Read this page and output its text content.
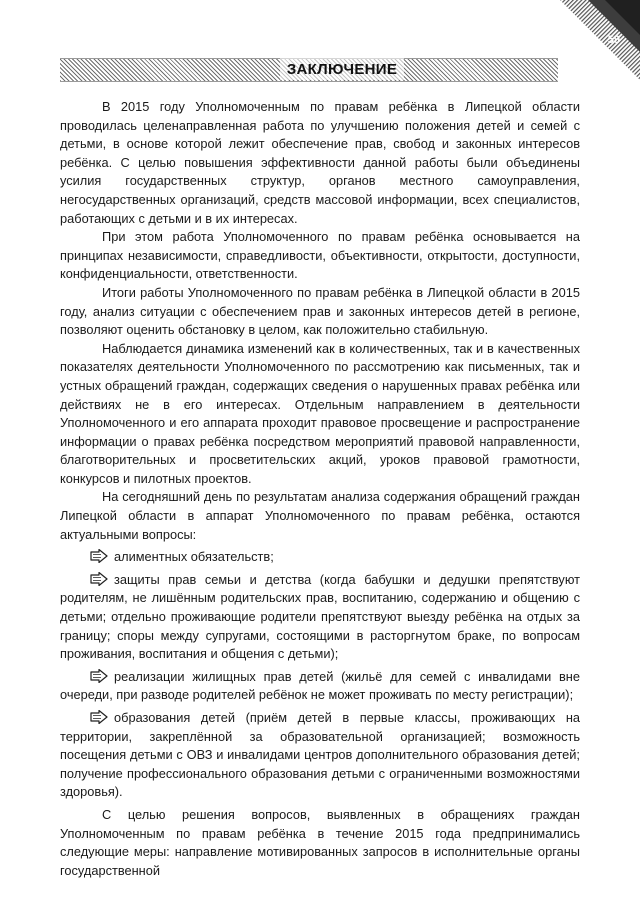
59
ЗАКЛЮЧЕНИЕ

В 2015 году Уполномоченным по правам ребёнка в Липецкой области проводилась целенаправленная работа по улучшению положения детей и семей с детьми, в основе которой лежит обеспечение прав, свобод и законных интересов ребёнка. С целью повышения эффективности данной работы были объединены усилия государственных структур, органов местного самоуправления, негосударственных организаций, средств массовой информации, всех специалистов, работающих с детьми и в их интересах.

При этом работа Уполномоченного по правам ребёнка основывается на принципах независимости, справедливости, объективности, открытости, доступности, конфиденциальности, ответственности.

Итоги работы Уполномоченного по правам ребёнка в Липецкой области в 2015 году, анализ ситуации с обеспечением прав и законных интересов детей в регионе, позволяют оценить обстановку в целом, как положительно стабильную.

Наблюдается динамика изменений как в количественных, так и в качественных показателях деятельности Уполномоченного по рассмотрению как письменных, так и устных обращений граждан, содержащих сведения о нарушенных правах ребёнка или действиях не в его интересах. Отдельным направлением в деятельности Уполномоченного и его аппарата проходит правовое просвещение и распространение информации о правах ребёнка посредством мероприятий правовой направленности, благотворительных и просветительских акций, уроков правовой грамотности, конкурсов и пилотных проектов.

На сегодняшний день по результатам анализа содержания обращений граждан Липецкой области в аппарат Уполномоченного по правам ребёнка, остаются актуальными вопросы:

алиментных обязательств;

защиты прав семьи и детства (когда бабушки и дедушки препятствуют родителям, не лишённым родительских прав, воспитанию, содержанию и общению с детьми; отдельно проживающие родители препятствуют выезду ребёнка на отдых за границу; споры между супругами, состоящими в расторгнутом браке, по вопросам проживания, воспитания и общения с детьми);

реализации жилищных прав детей (жильё для семей с инвалидами вне очереди, при разводе родителей ребёнок не может проживать по месту регистрации);

образования детей (приём детей в первые классы, проживающих на территории, закреплённой за образовательной организацией; возможность посещения детьми с ОВЗ и инвалидами центров дополнительного образования детей; получение профессионального образования детьми с ограниченными возможностями здоровья).

С целью решения вопросов, выявленных в обращениях граждан Уполномоченным по правам ребёнка в течение 2015 года предпринимались следующие меры: направление мотивированных запросов в исполнительные органы государственной
